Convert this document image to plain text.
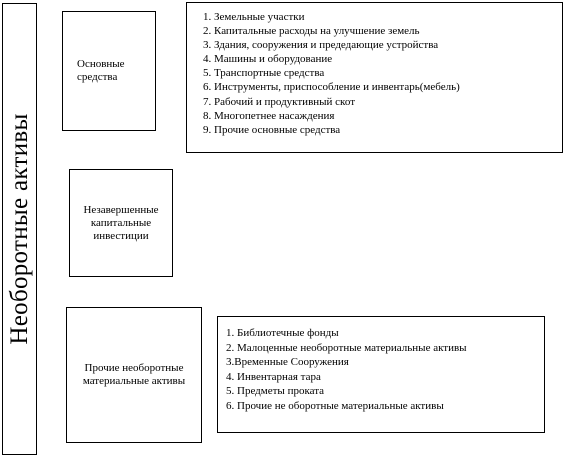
Необоротные активы
Основные средства
Незавершенные капитальные инвестиции
Прочие необоротные материальные активы
1. Земельные участки
2. Капитальные расходы на улучшение земель
3. Здания, сооружения и предедающие устройства
4. Машины и оборудование
5. Транспортные средства
6. Инструменты, приспособление и инвентарь(мебель)
7. Рабочий и продуктивный скот
8. Многопетнее насаждения
9. Прочие основные средства
1. Библиотечные фонды
2. Малоценные необоротные материальные активы
3.Временные Сооружения
4. Инвентарная тара
5. Предметы проката
6. Прочие не оборотные материальные активы
